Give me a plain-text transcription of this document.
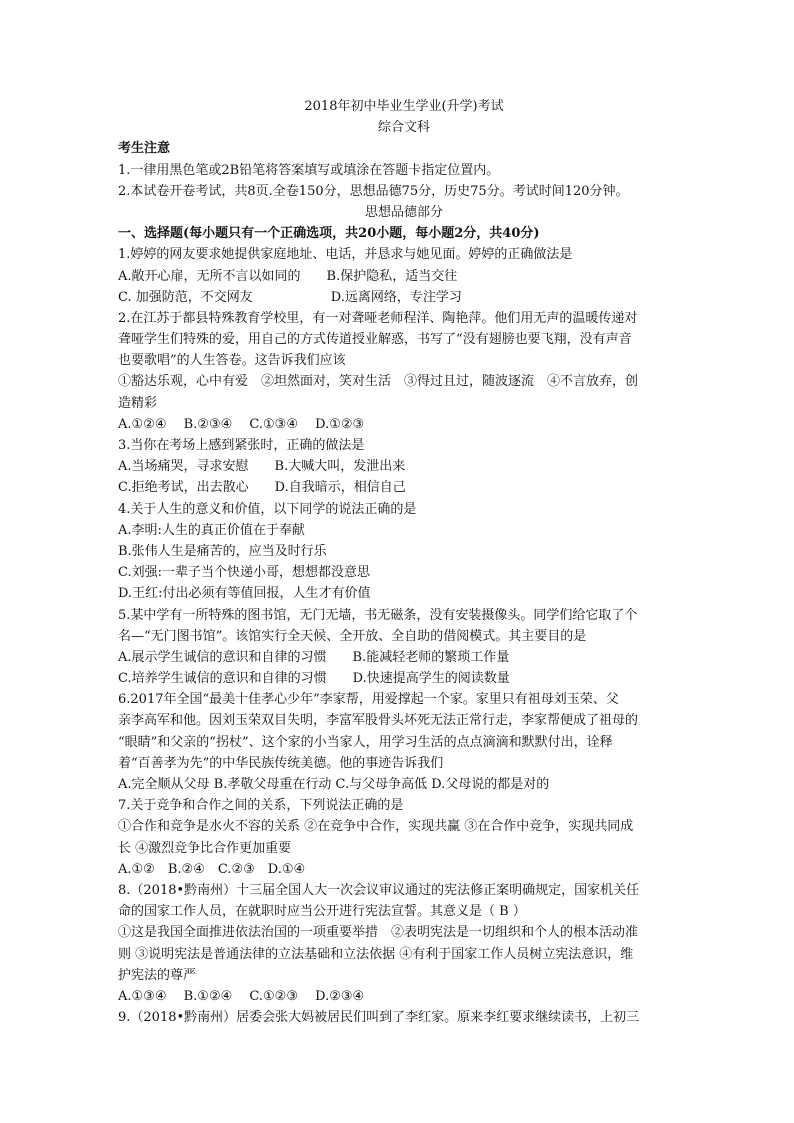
2018年初中毕业生学业(升学)考试
综合文科
考生注意
1.一律用黑色笔或2B铅笔将答案填写或填涂在答题卡指定位置内。
2.本试卷开卷考试，共8页.全卷150分，思想品德75分，历史75分。考试时间120分钟。
思想品德部分
一、选择题(每小题只有一个正确选项，共20小题，每小题2分，共40分)
1.婷婷的网友要求她提供家庭地址、电话，并恳求与她见面。婷婷的正确做法是
A.敞开心扉，无所不言以如同的　　B.保护隐私，适当交往
C. 加强防范，不交网友　　　　　　D.远离网络，专注学习
2.在江苏于都县特殊教育学校里，有一对聋哑老师程洋、陶艳萍。他们用无声的温暖传递对
聋哑学生们特殊的爱，用自己的方式传道授业解惑，书写了“没有翅膀也要飞翔，没有声音
也要歌唱”的人生答卷。这告诉我们应该
①豁达乐观，心中有爱　②坦然面对，笑对生活　③得过且过，随波逐流　④不言放弃，创
造精彩
A.①②④　 B.②③④　 C.①③④　 D.①②③
3.当你在考场上感到紧张时，正确的做法是
A.当场痛哭，寻求安慰　　B.大喊大叫，发泄出来
C.拒绝考试，出去散心　　D.自我暗示，相信自己
4.关于人生的意义和价值，以下同学的说法正确的是
A.李明:人生的真正价值在于奉献
B.张伟人生是痛苦的，应当及时行乐
C.刘强:一辈子当个快递小哥，想想都没意思
D.王红:付出必须有等值回报，人生才有价值
5.某中学有一所特殊的图书馆，无门无墙，书无磁条，没有安装摄像头。同学们给它取了个
名—“无门图书馆”。该馆实行全天候、全开放、全自助的借阅模式。其主要目的是
A.展示学生诚信的意识和自律的习惯　　B.能减轻老师的繁琐工作量
C.培养学生诚信的意识和自律的习惯　　D.快速提高学生的阅读数量
6.2017年全国“最美十佳孝心少年”李家帮，用爱撑起一个家。家里只有祖母刘玉荣、父
亲李高军和他。因刘玉荣双目失明，李富军股骨头坏死无法正常行走，李家帮便成了祖母的
“眼睛”和父亲的“拐杖”、这个家的小当家人，用学习生活的点点滴滴和默默付出，诠释
着“百善孝为先”的中华民族传统美德。他的事迹告诉我们
A.完全顺从父母 B.孝敬父母重在行动 C.与父母争高低 D.父母说的都是对的
7.关于竞争和合作之间的关系，下列说法正确的是
①合作和竞争是水火不容的关系 ②在竞争中合作，实现共赢 ③在合作中竞争，实现共同成
长 ④激烈竞争比合作更加重要
A.①②　B.②④　C.②③　D.①④
8.（2018•黔南州）十三届全国人大一次会议审议通过的宪法修正案明确规定，国家机关任
命的国家工作人员，在就职时应当公开进行宪法宣誓。其意义是（ B ）
①这是我国全面推进依法治国的一项重要举措　②表明宪法是一切组织和个人的根本活动准
则 ③说明宪法是普通法律的立法基础和立法依据 ④有利于国家工作人员树立宪法意识，维
护宪法的尊严
A.①③④　 B.①②④　 C.①②③　 D.②③④
9.（2018•黔南州）居委会张大妈被居民们叫到了李红家。原来李红要求继续读书，上初三
